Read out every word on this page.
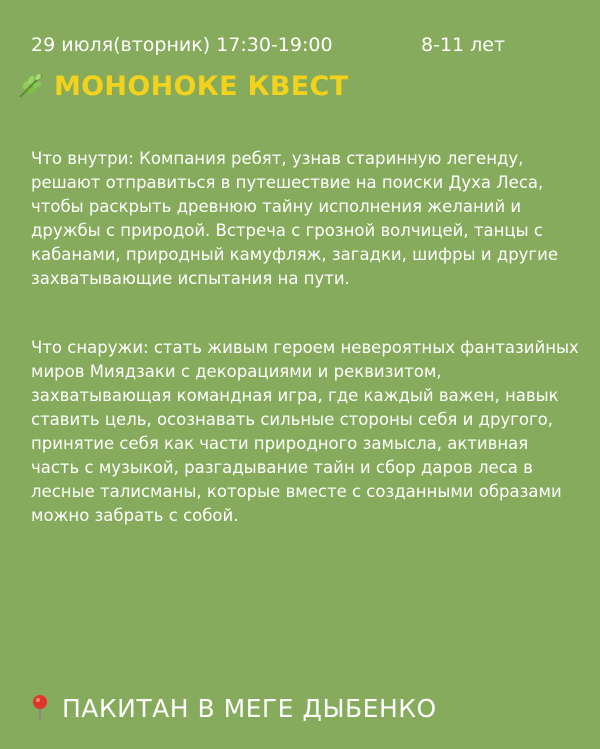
29 июля(вторник) 17:30-19:00	8-11 лет
МОНОНОКЕ КВЕСТ
Что внутри: Компания ребят, узнав старинную легенду, решают отправиться в путешествие на поиски Духа Леса, чтобы раскрыть древнюю тайну исполнения желаний и дружбы с природой. Встреча с грозной волчицей, танцы с кабанами, природный камуфляж, загадки, шифры и другие захватывающие испытания на пути.
Что снаружи: стать живым героем невероятных фантазийных миров Миядзаки с декорациями и реквизитом, захватывающая командная игра, где каждый важен, навык ставить цель, осознавать сильные стороны себя и другого, принятие себя как части природного замысла, активная часть с музыкой, разгадывание тайн и сбор даров леса в лесные талисманы, которые вместе с созданными образами можно забрать с собой.
ПАКИТАН В МЕГЕ ДЫБЕНКО
